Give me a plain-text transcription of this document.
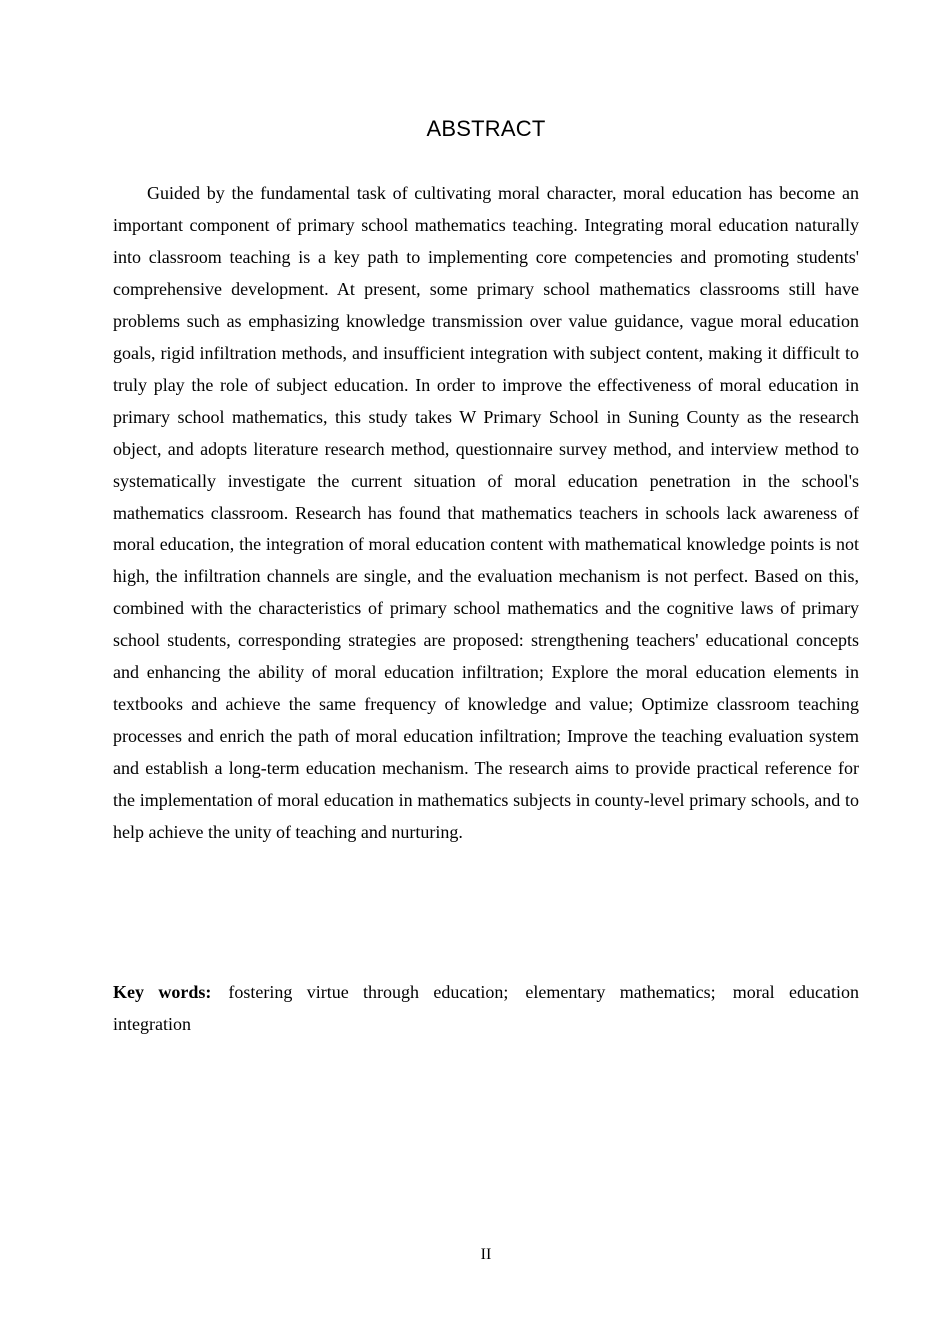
ABSTRACT

Guided by the fundamental task of cultivating moral character, moral education has become an important component of primary school mathematics teaching. Integrating moral education naturally into classroom teaching is a key path to implementing core competencies and promoting students' comprehensive development. At present, some primary school mathematics classrooms still have problems such as emphasizing knowledge transmission over value guidance, vague moral education goals, rigid infiltration methods, and insufficient integration with subject content, making it difficult to truly play the role of subject education. In order to improve the effectiveness of moral education in primary school mathematics, this study takes W Primary School in Suning County as the research object, and adopts literature research method, questionnaire survey method, and interview method to systematically investigate the current situation of moral education penetration in the school's mathematics classroom. Research has found that mathematics teachers in schools lack awareness of moral education, the integration of moral education content with mathematical knowledge points is not high, the infiltration channels are single, and the evaluation mechanism is not perfect. Based on this, combined with the characteristics of primary school mathematics and the cognitive laws of primary school students, corresponding strategies are proposed: strengthening teachers' educational concepts and enhancing the ability of moral education infiltration; Explore the moral education elements in textbooks and achieve the same frequency of knowledge and value; Optimize classroom teaching processes and enrich the path of moral education infiltration; Improve the teaching evaluation system and establish a long-term education mechanism. The research aims to provide practical reference for the implementation of moral education in mathematics subjects in county-level primary schools, and to help achieve the unity of teaching and nurturing.

Key words: fostering virtue through education; elementary mathematics; moral education integration

II
